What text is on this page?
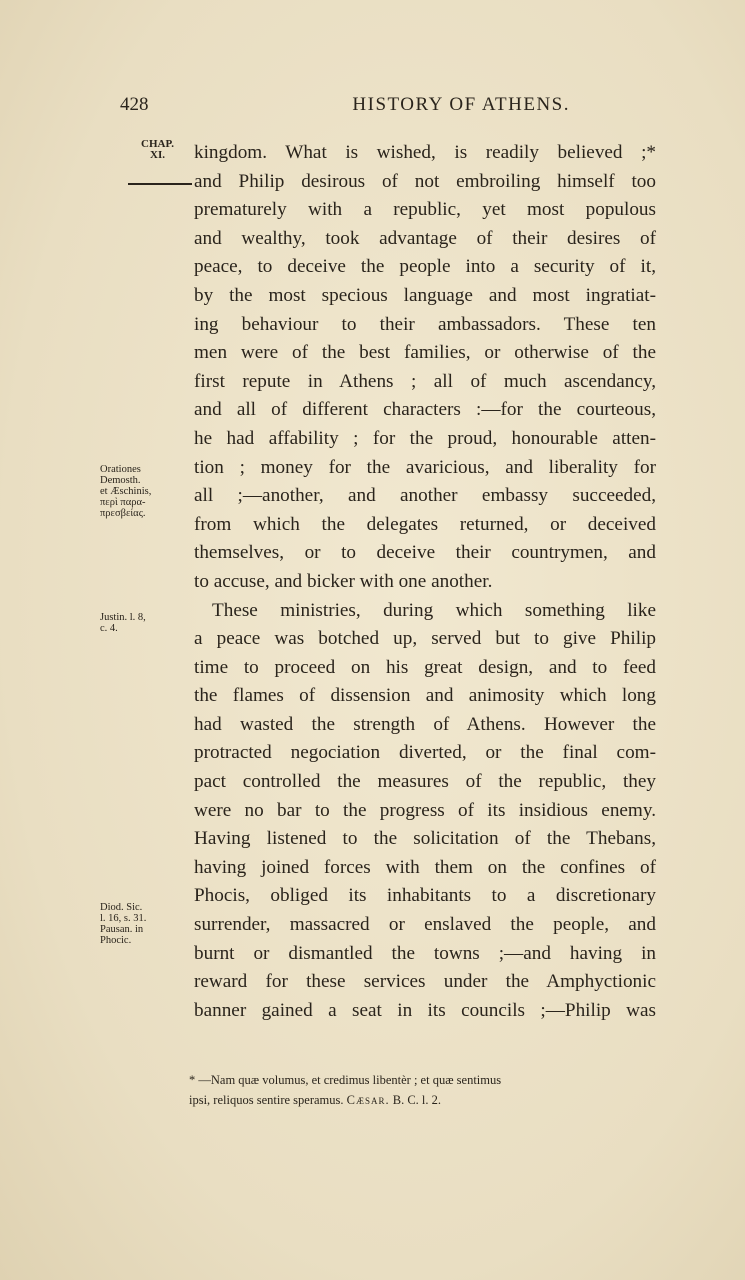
428	HISTORY OF ATHENS.
CHAP.
XI.	kingdom. What is wished, is readily believed ;*
and Philip desirous of not embroiling himself too
prematurely with a republic, yet most populous
and wealthy, took advantage of their desires of
peace, to deceive the people into a security of it,
by the most specious language and most ingratiat-
ing behaviour to their ambassadors. These ten
men were of the best families, or otherwise of the
first repute in Athens ; all of much ascendancy,
and all of different characters :—for the courteous,
he had affability ; for the proud, honourable atten-
tion ; money for the avaricious, and liberality for
all ;—another, and another embassy succeeded,
from which the delegates returned, or deceived
themselves, or to deceive their countrymen, and
to accuse, and bicker with one another.
These ministries, during which something like
a peace was botched up, served but to give Philip
time to proceed on his great design, and to feed
the flames of dissension and animosity which long
had wasted the strength of Athens. However the
protracted negociation diverted, or the final com-
pact controlled the measures of the republic, they
were no bar to the progress of its insidious enemy.
Having listened to the solicitation of the Thebans,
having joined forces with them on the confines of
Phocis, obliged its inhabitants to a discretionary
surrender, massacred or enslaved the people, and
burnt or dismantled the towns ;—and having in
reward for these services under the Amphyctionic
banner gained a seat in its councils ;—Philip was
Orationes
Demosth.
et Æschinis,
περὶ παρα-
πρεσβείας.
Justin. l. 8,
c. 4.
Diod. Sic.
l. 16, s. 31.
Pausan. in
Phocic.
* —Nam quæ volumus, et credimus libentèr ; et quæ sentimus
ipsi, reliquos sentire speramus. Cæsar. B. C. l. 2.
